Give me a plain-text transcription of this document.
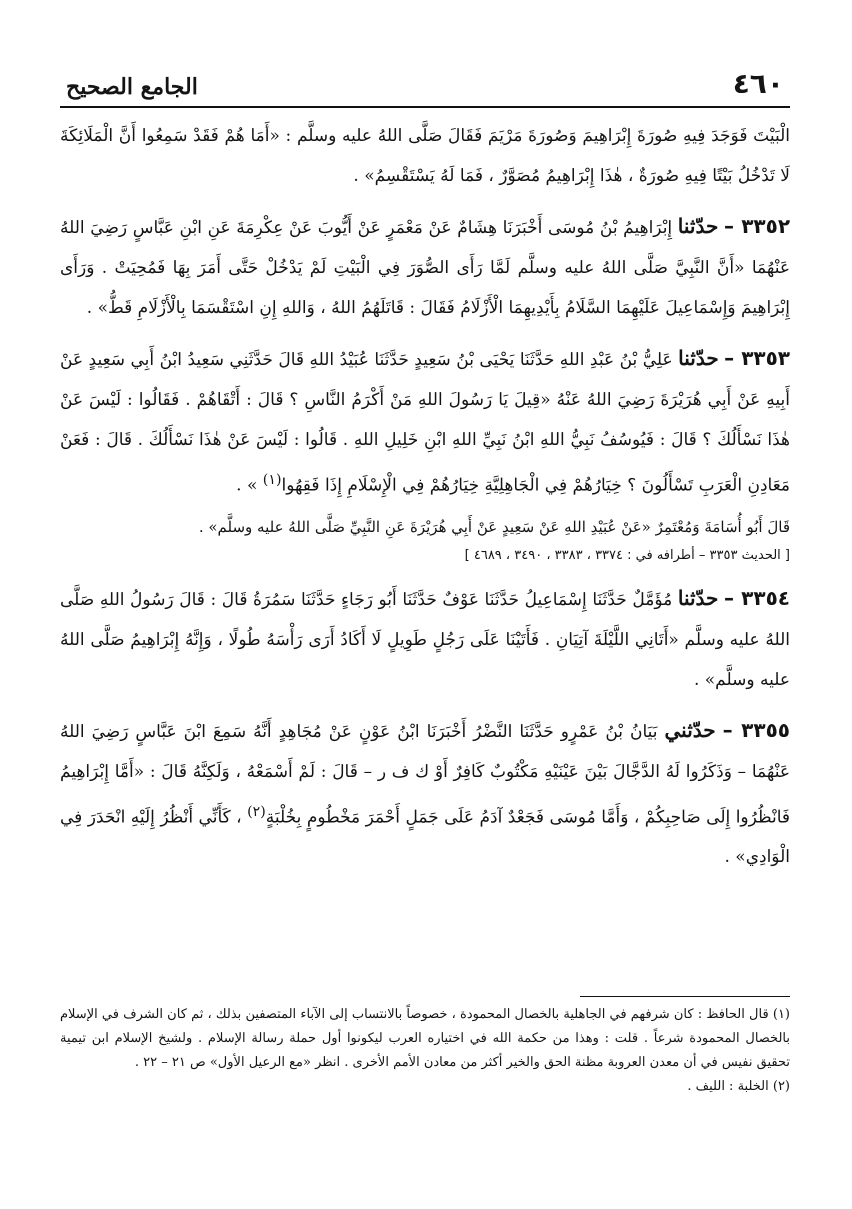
٤٦٠
الجامع الصحيح

الْبَيْتَ فَوَجَدَ فِيهِ صُورَةَ إِبْرَاهِيمَ وَصُورَةَ مَرْيَمَ فَقَالَ صَلَّى اللهُ عليه وسلَّم : «أَمَا هُمْ فَقَدْ سَمِعُوا أَنَّ الْمَلَائِكَةَ لَا تَدْخُلُ بَيْتًا فِيهِ صُورَةٌ ، هٰذَا إِبْرَاهِيمُ مُصَوَّرٌ ، فَمَا لَهُ يَسْتَقْسِمُ» .

٣٣٥٢ – حدّثنا إِبْرَاهِيمُ بْنُ مُوسَى أَخْبَرَنَا هِشَامٌ عَنْ مَعْمَرٍ عَنْ أَيُّوبَ عَنْ عِكْرِمَةَ عَنِ ابْنِ عَبَّاسٍ رَضِيَ اللهُ عَنْهُمَا «أَنَّ النَّبِيَّ صَلَّى اللهُ عليه وسلَّم لَمَّا رَأَى الصُّوَرَ فِي الْبَيْتِ لَمْ يَدْخُلْ حَتَّى أَمَرَ بِهَا فَمُحِيَتْ . وَرَأَى إِبْرَاهِيمَ وَإِسْمَاعِيلَ عَلَيْهِمَا السَّلَامُ بِأَيْدِيهِمَا الْأَزْلَامُ فَقَالَ : قَاتَلَهُمُ اللهُ ، وَاللهِ إِنِ اسْتَقْسَمَا بِالْأَزْلَامِ قَطُّ» .

٣٣٥٣ – حدّثنا عَلِيُّ بْنُ عَبْدِ اللهِ حَدَّثَنَا يَحْيَى بْنُ سَعِيدٍ حَدَّثَنَا عُبَيْدُ اللهِ قَالَ حَدَّثَنِي سَعِيدُ ابْنُ أَبِي سَعِيدٍ عَنْ أَبِيهِ عَنْ أَبِي هُرَيْرَةَ رَضِيَ اللهُ عَنْهُ «قِيلَ يَا رَسُولَ اللهِ مَنْ أَكْرَمُ النَّاسِ ؟ قَالَ : أَتْقَاهُمْ . فَقَالُوا : لَيْسَ عَنْ هٰذَا نَسْأَلُكَ ؟ قَالَ : فَيُوسُفُ نَبِيُّ اللهِ ابْنُ نَبِيِّ اللهِ ابْنِ خَلِيلِ اللهِ . قَالُوا : لَيْسَ عَنْ هٰذَا نَسْأَلُكَ . قَالَ : فَعَنْ مَعَادِنِ الْعَرَبِ تَسْأَلُونَ ؟ خِيَارُهُمْ فِي الْجَاهِلِيَّةِ خِيَارُهُمْ فِي الْإِسْلَامِ إِذَا فَقِهُوا$^{(١)}$ » .

قَالَ أَبُو أُسَامَةَ وَمُعْتَمِرٌ «عَنْ عُبَيْدِ اللهِ عَنْ سَعِيدٍ عَنْ أَبِي هُرَيْرَةَ عَنِ النَّبِيِّ صَلَّى اللهُ عليه وسلَّم» .

[ الحديث ٣٣٥٣ – أطرافه في : ٣٣٧٤ ، ٣٣٨٣ ، ٣٤٩٠ ، ٤٦٨٩ ]

٣٣٥٤ – حدّثنا مُؤَمَّلٌ حَدَّثَنَا إِسْمَاعِيلُ حَدَّثَنَا عَوْفٌ حَدَّثَنَا أَبُو رَجَاءٍ حَدَّثَنَا سَمُرَةُ قَالَ : قَالَ رَسُولُ اللهِ صَلَّى اللهُ عليه وسلَّم «أَتَانِي اللَّيْلَةَ آتِيَانِ . فَأَتَيْنَا عَلَى رَجُلٍ طَوِيلٍ لَا أَكَادُ أَرَى رَأْسَهُ طُولًا ، وَإِنَّهُ إِبْرَاهِيمُ صَلَّى اللهُ عليه وسلَّم» .

٣٣٥٥ – حدّثني بَيَانُ بْنُ عَمْرٍو حَدَّثَنَا النَّضْرُ أَخْبَرَنَا ابْنُ عَوْنٍ عَنْ مُجَاهِدٍ أَنَّهُ سَمِعَ ابْنَ عَبَّاسٍ رَضِيَ اللهُ عَنْهُمَا – وَذَكَرُوا لَهُ الدَّجَّالَ بَيْنَ عَيْنَيْهِ مَكْتُوبٌ كَافِرٌ أَوْ ك ف ر – قَالَ : لَمْ أَسْمَعْهُ ، وَلَكِنَّهُ قَالَ : «أَمَّا إِبْرَاهِيمُ فَانْظُرُوا إِلَى صَاحِبِكُمْ ، وَأَمَّا مُوسَى فَجَعْدٌ آدَمُ عَلَى جَمَلٍ أَحْمَرَ مَخْطُومٍ بِخُلْبَةٍ$^{(٢)}$ ، كَأَنِّي أَنْظُرُ إِلَيْهِ انْحَدَرَ فِي الْوَادِي» .

(١) قال الحافظ : كان شرفهم في الجاهلية بالخصال المحمودة ، خصوصاً بالانتساب إلى الآباء المتصفين بذلك ، ثم كان الشرف في الإسلام بالخصال المحمودة شرعاً . قلت : وهذا من حكمة الله في اختياره العرب ليكونوا أول حملة رسالة الإسلام . ولشيخ الإسلام ابن تيمية تحقيق نفيس في أن معدن العروبة مظنة الحق والخير أكثر من معادن الأمم الأخرى . انظر «مع الرعيل الأول» ص ٢١ – ٢٢ .

(٢) الخلبة : الليف .
